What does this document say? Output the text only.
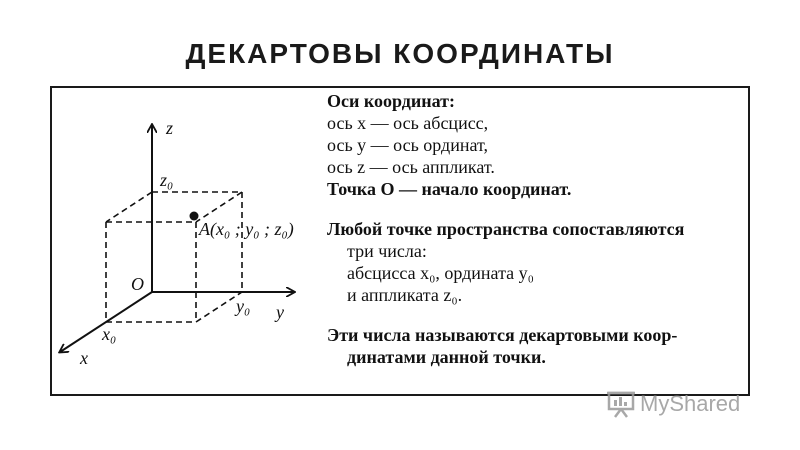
ДЕКАРТОВЫ КООРДИНАТЫ
z
y
x
O
z₀
y₀
x₀
A(x₀ ; y₀ ; z₀)
Оси координат:
ось x — ось абсцисс,
ось y — ось ординат,
ось z — ось аппликат.
Точка O — начало координат.
Любой точке пространства сопоставляются
три числа:
абсцисса x₀, ордината y₀
и аппликата z₀.
Эти числа называются декартовыми коор-
динатами данной точки.
MyShared
